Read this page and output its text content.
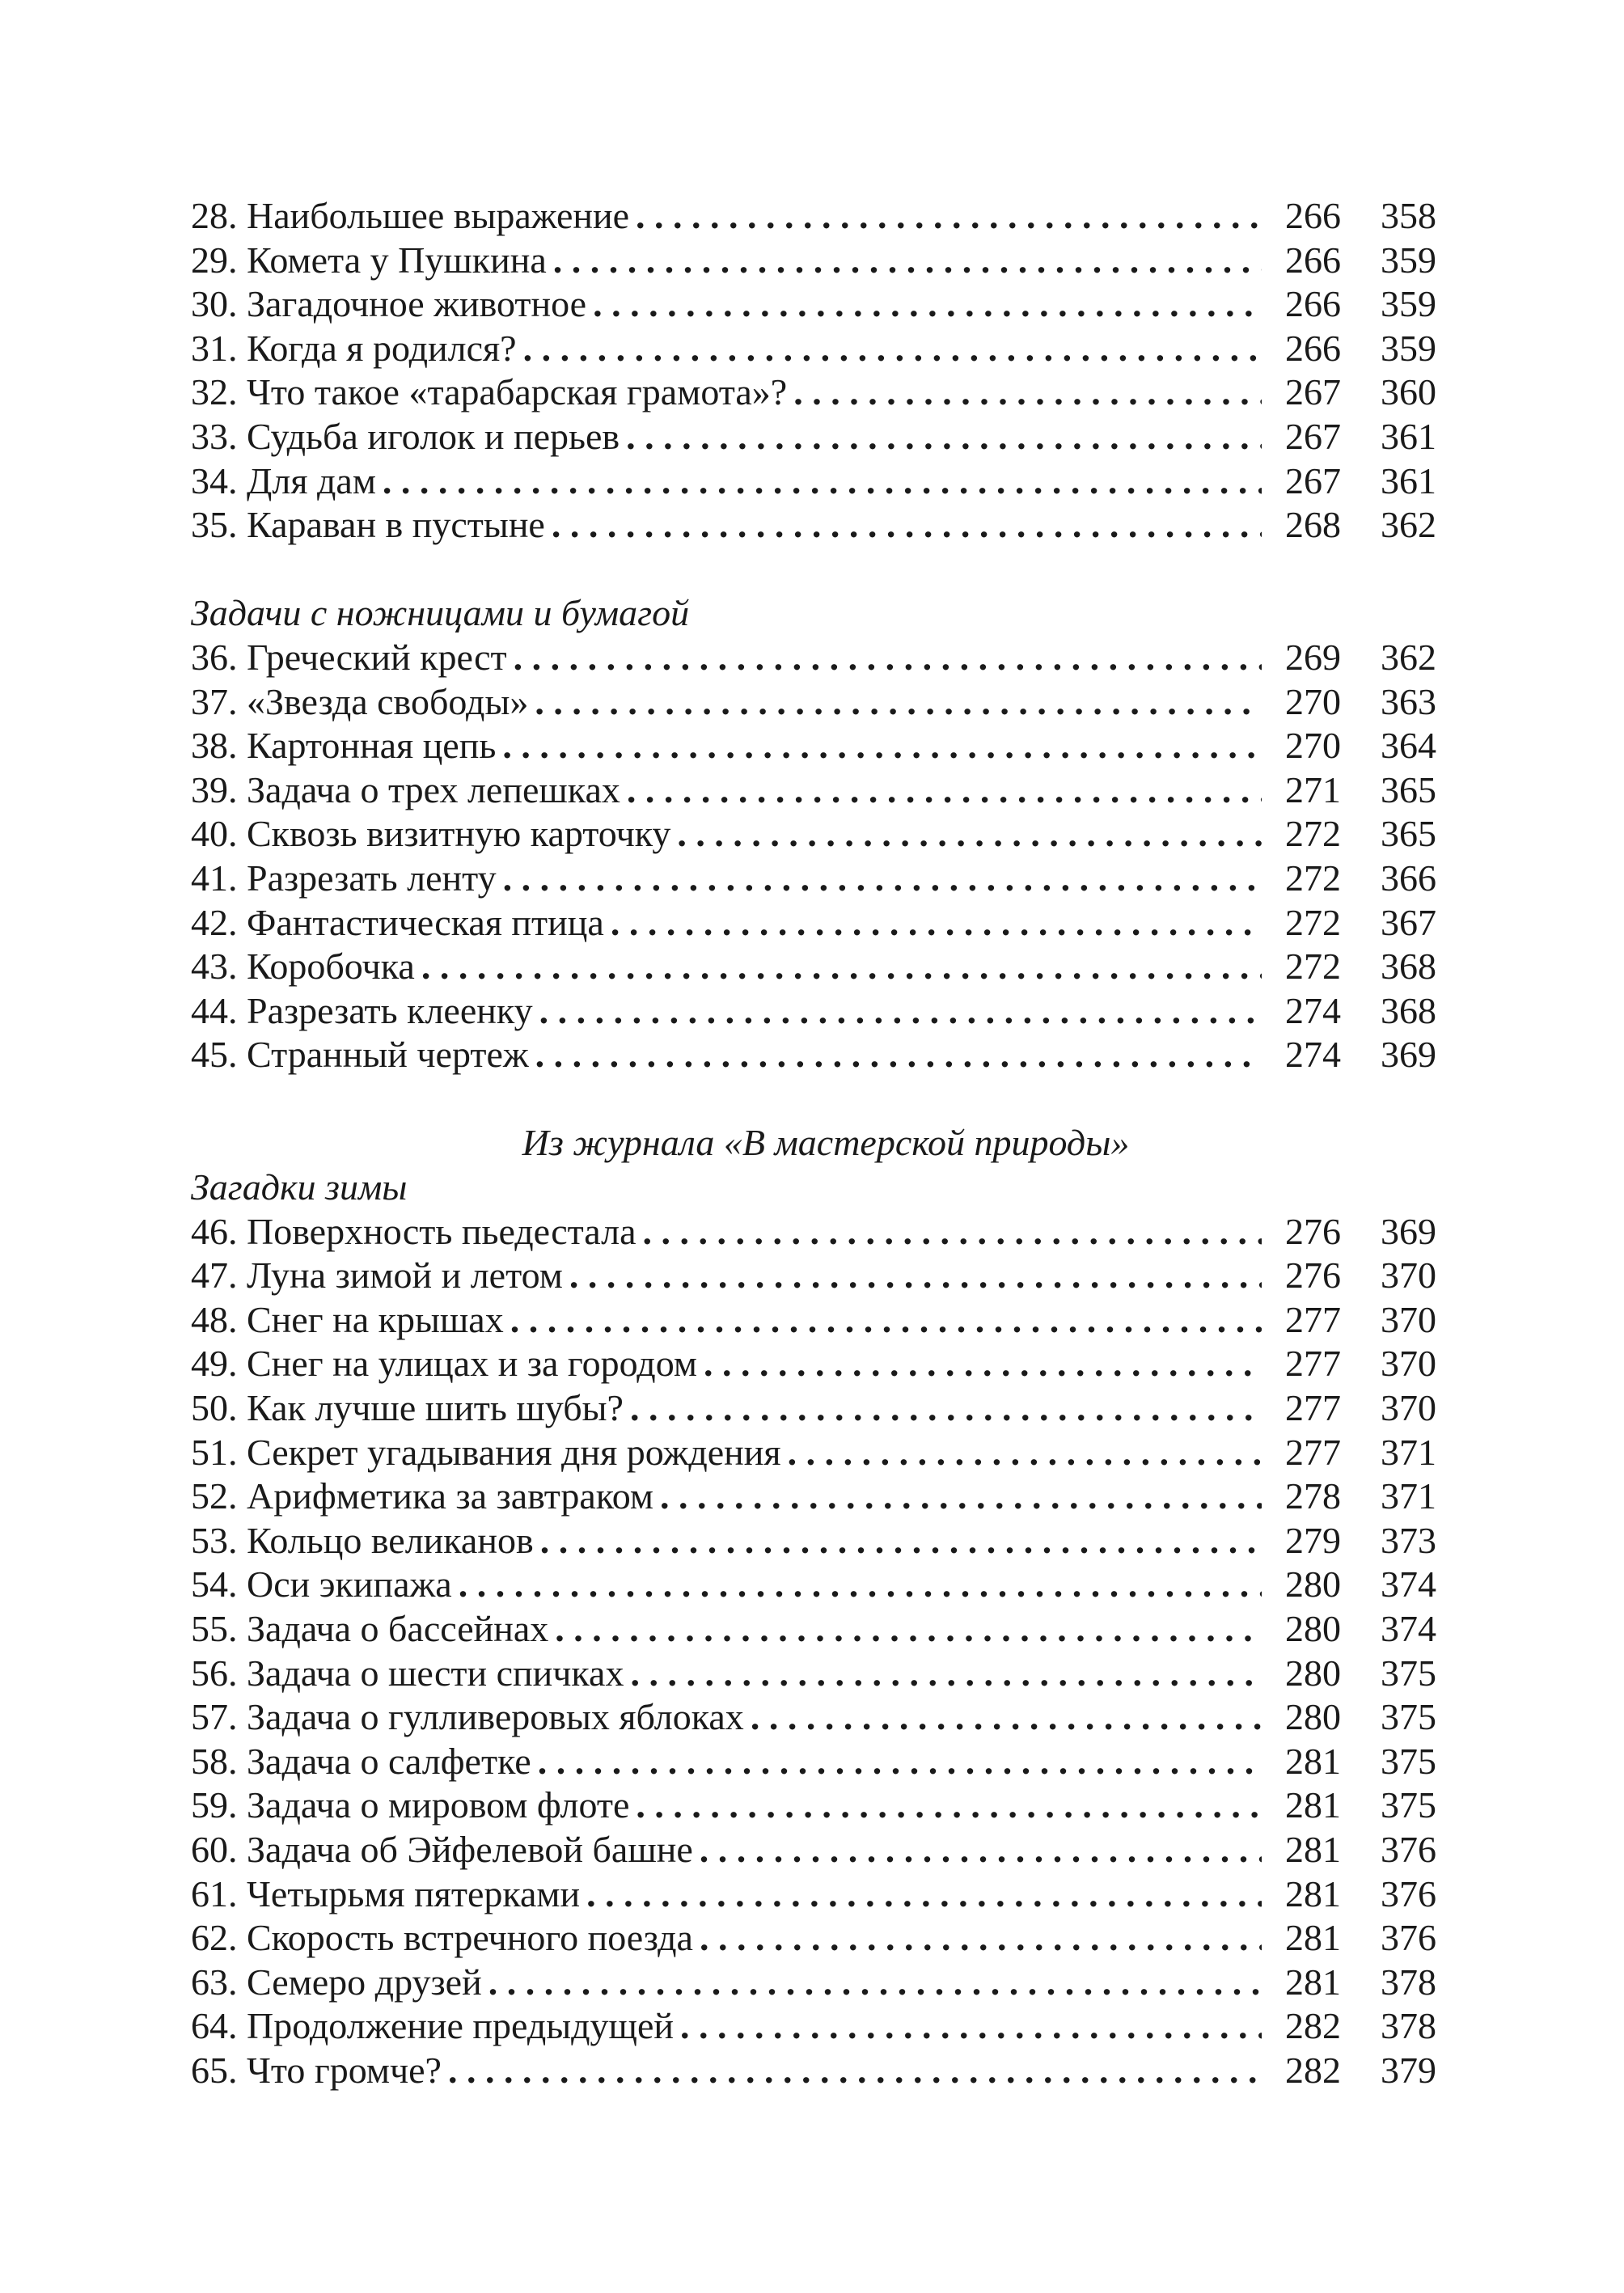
28. Наибольшее выражение . . .	266	358
29. Комета у Пушкина . . .	266	359
30. Загадочное животное . . .	266	359
31. Когда я родился? . . .	266	359
32. Что такое «тарабарская грамота»? . . .	267	360
33. Судьба иголок и перьев . . .	267	361
34. Для дам . . .	267	361
35. Караван в пустыне . . .	268	362
Задачи с ножницами и бумагой
36. Греческий крест . . .	269	362
37. «Звезда свободы» . . .	270	363
38. Картонная цепь . . .	270	364
39. Задача о трех лепешках . . .	271	365
40. Сквозь визитную карточку . . .	272	365
41. Разрезать ленту . . .	272	366
42. Фантастическая птица . . .	272	367
43. Коробочка . . .	272	368
44. Разрезать клеенку . . .	274	368
45. Странный чертеж . . .	274	369
Из журнала «В мастерской природы»
Загадки зимы
46. Поверхность пьедестала . . .	276	369
47. Луна зимой и летом . . .	276	370
48. Снег на крышах . . .	277	370
49. Снег на улицах и за городом . . .	277	370
50. Как лучше шить шубы? . . .	277	370
51. Секрет угадывания дня рождения . . .	277	371
52. Арифметика за завтраком . . .	278	371
53. Кольцо великанов . . .	279	373
54. Оси экипажа . . .	280	374
55. Задача о бассейнах . . .	280	374
56. Задача о шести спичках . . .	280	375
57. Задача о гулливеровых яблоках . . .	280	375
58. Задача о салфетке . . .	281	375
59. Задача о мировом флоте . . .	281	375
60. Задача об Эйфелевой башне . . .	281	376
61. Четырьмя пятерками . . .	281	376
62. Скорость встречного поезда . . .	281	376
63. Семеро друзей . . .	281	378
64. Продолжение предыдущей . . .	282	378
65. Что громче? . . .	282	379
